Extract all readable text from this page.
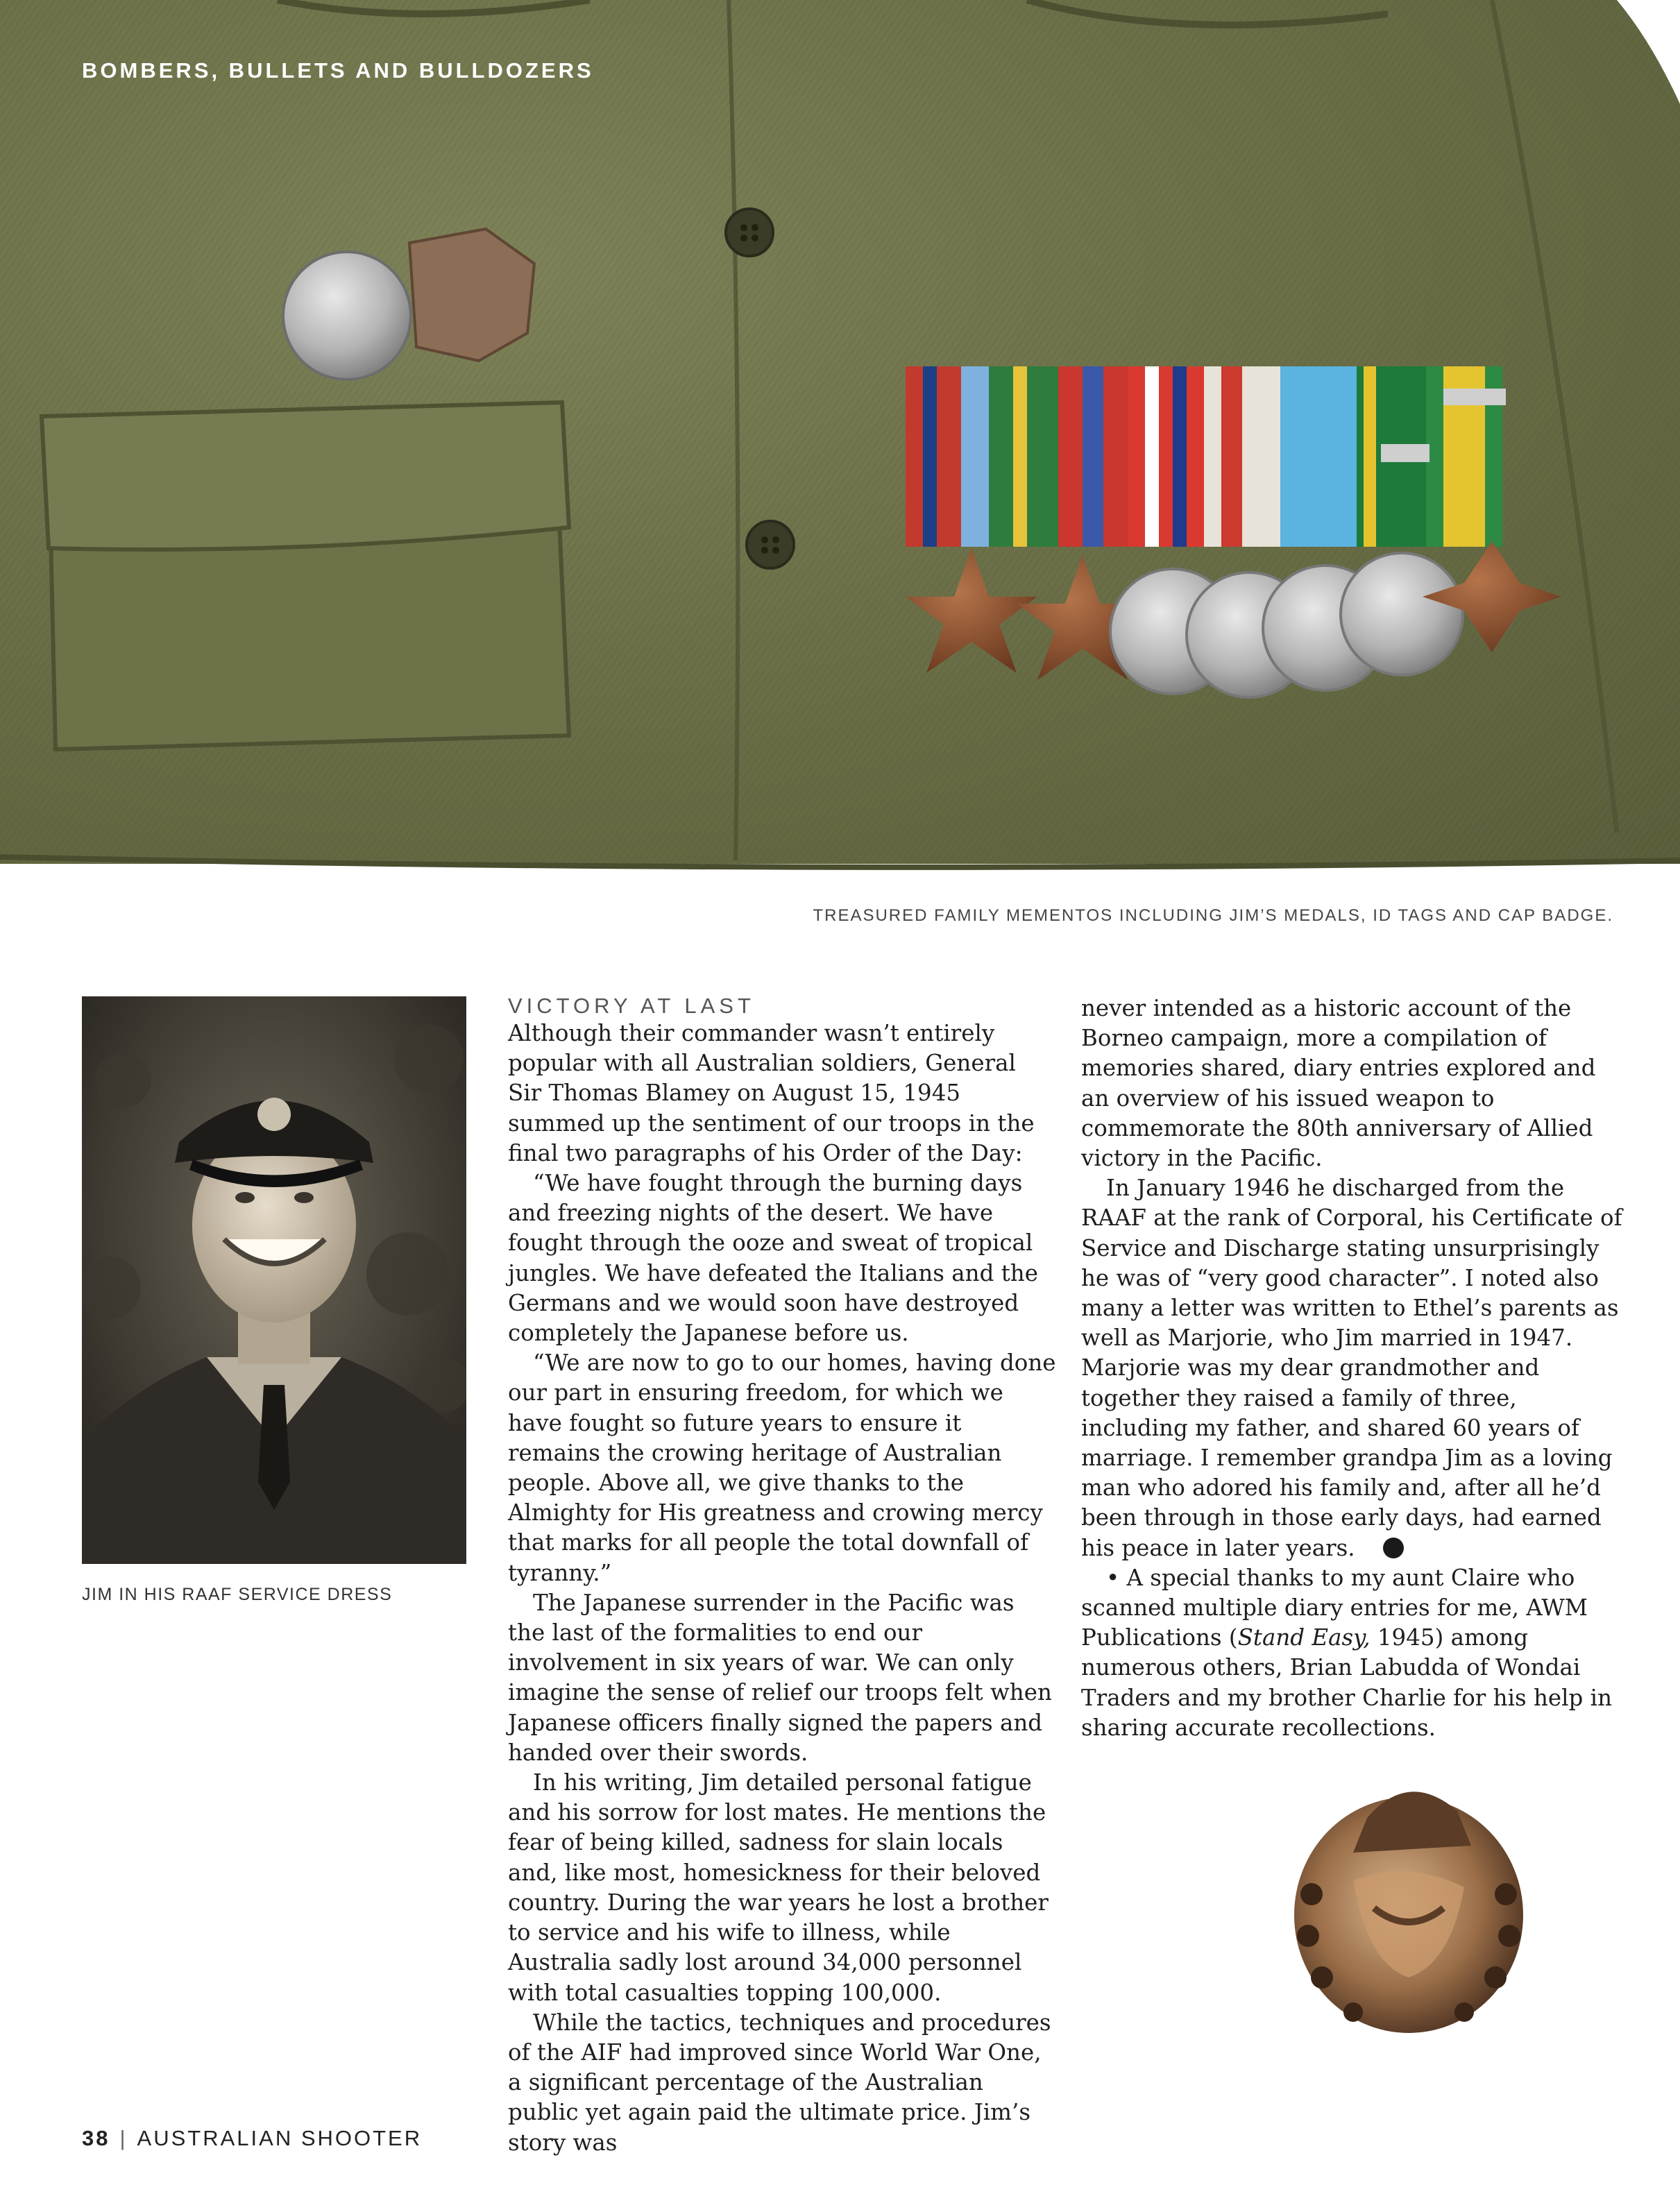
BOMBERS, BULLETS AND BULLDOZERS
TREASURED FAMILY MEMENTOS INCLUDING JIM’S MEDALS, ID TAGS AND CAP BADGE.
JIM IN HIS RAAF SERVICE DRESS

VICTORY AT LAST

Although their commander wasn’t entirely popular with all Australian soldiers, General Sir Thomas Blamey on August 15, 1945 summed up the sentiment of our troops in the final two paragraphs of his Order of the Day:

“We have fought through the burning days and freezing nights of the desert. We have fought through the ooze and sweat of tropical jungles. We have defeated the Italians and the Germans and we would soon have destroyed completely the Japanese before us.

“We are now to go to our homes, having done our part in ensuring freedom, for which we have fought so future years to ensure it remains the crowing heritage of Australian people. Above all, we give thanks to the Almighty for His greatness and crowing mercy that marks for all people the total downfall of tyranny.”

The Japanese surrender in the Pacific was the last of the formalities to end our involvement in six years of war. We can only imagine the sense of relief our troops felt when Japanese officers finally signed the papers and handed over their swords.

In his writing, Jim detailed personal fatigue and his sorrow for lost mates. He mentions the fear of being killed, sadness for slain locals and, like most, homesickness for their beloved country. During the war years he lost a brother to service and his wife to illness, while Australia sadly lost around 34,000 personnel with total casualties topping 100,000.

While the tactics, techniques and procedures of the AIF had improved since World War One, a significant percentage of the Australian public yet again paid the ultimate price. Jim’s story was

never intended as a historic account of the Borneo campaign, more a compilation of memories shared, diary entries explored and an overview of his issued weapon to commemorate the 80th anniversary of Allied victory in the Pacific.

In January 1946 he discharged from the RAAF at the rank of Corporal, his Certificate of Service and Discharge stating unsurprisingly he was of “very good character”. I noted also many a letter was written to Ethel’s parents as well as Marjorie, who Jim married in 1947. Marjorie was my dear grandmother and together they raised a family of three, including my father, and shared 60 years of marriage. I remember grandpa Jim as a loving man who adored his family and, after all he’d been through in those early days, had earned his peace in later years.

• A special thanks to my aunt Claire who scanned multiple diary entries for me, AWM Publications (Stand Easy, 1945) among numerous others, Brian Labudda of Wondai Traders and my brother Charlie for his help in sharing accurate recollections.

38 | AUSTRALIAN SHOOTER
